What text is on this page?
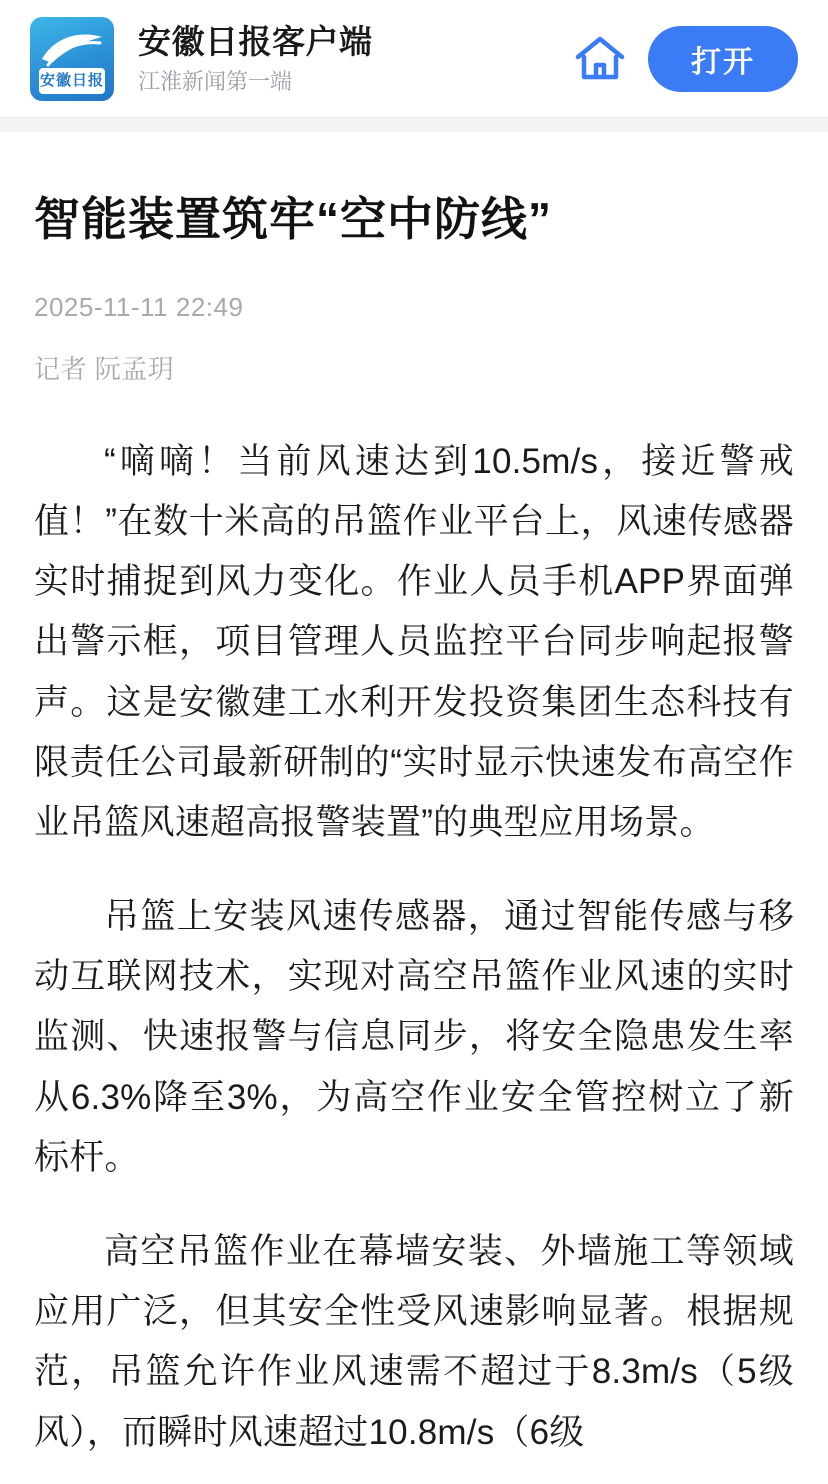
安徽日报
安徽日报客户端
江淮新闻第一端
打开
智能装置筑牢“空中防线”
2025-11-11 22:49
记者 阮孟玥

“嘀嘀！当前风速达到10.5m/s，接近警戒值！”在数十米高的吊篮作业平台上，风速传感器实时捕捉到风力变化。作业人员手机APP界面弹出警示框，项目管理人员监控平台同步响起报警声。这是安徽建工水利开发投资集团生态科技有限责任公司最新研制的“实时显示快速发布高空作业吊篮风速超高报警装置”的典型应用场景。

吊篮上安装风速传感器，通过智能传感与移动互联网技术，实现对高空吊篮作业风速的实时监测、快速报警与信息同步，将安全隐患发生率从6.3%降至3%，为高空作业安全管控树立了新标杆。

高空吊篮作业在幕墙安装、外墙施工等领域应用广泛，但其安全性受风速影响显著。根据规范，吊篮允许作业风速需不超过于8.3m/s（5级风），而瞬时风速超过10.8m/s（6级
